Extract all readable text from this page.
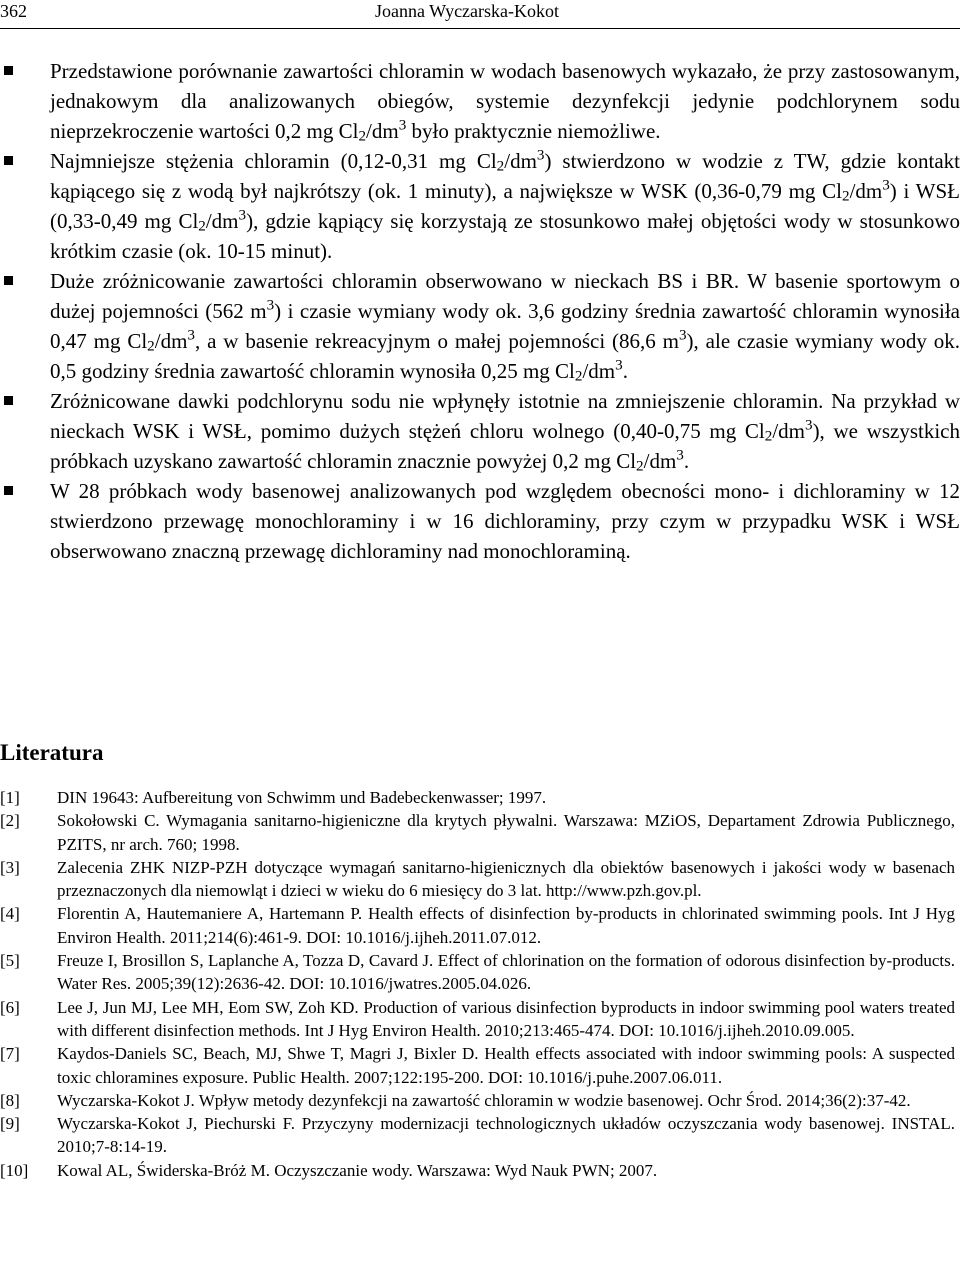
362	Joanna Wyczarska-Kokot
Przedstawione porównanie zawartości chloramin w wodach basenowych wykazało, że przy zastosowanym, jednakowym dla analizowanych obiegów, systemie dezynfekcji jedynie podchlorynem sodu nieprzekroczenie wartości 0,2 mg $Cl_2/dm^3$ było praktycznie niemożliwe.
Najmniejsze stężenia chloramin (0,12-0,31 mg $Cl_2/dm^3$) stwierdzono w wodzie z TW, gdzie kontakt kąpiącego się z wodą był najkrótszy (ok. 1 minuty), a największe w WSK (0,36-0,79 mg $Cl_2/dm^3$) i WSŁ (0,33-0,49 mg $Cl_2/dm^3$), gdzie kąpiący się korzystają ze stosunkowo małej objętości wody w stosunkowo krótkim czasie (ok. 10-15 minut).
Duże zróżnicowanie zawartości chloramin obserwowano w nieckach BS i BR. W basenie sportowym o dużej pojemności (562 $m^3$) i czasie wymiany wody ok. 3,6 godziny średnia zawartość chloramin wynosiła 0,47 mg $Cl_2/dm^3$, a w basenie rekreacyjnym o małej pojemności (86,6 $m^3$), ale czasie wymiany wody ok. 0,5 godziny średnia zawartość chloramin wynosiła 0,25 mg $Cl_2/dm^3$.
Zróżnicowane dawki podchlorynu sodu nie wpłynęły istotnie na zmniejszenie chloramin. Na przykład w nieckach WSK i WSŁ, pomimo dużych stężeń chloru wolnego (0,40-0,75 mg $Cl_2/dm^3$), we wszystkich próbkach uzyskano zawartość chloramin znacznie powyżej 0,2 mg $Cl_2/dm^3$.
W 28 próbkach wody basenowej analizowanych pod względem obecności mono- i dichloraminy w 12 stwierdzono przewagę monochloraminy i w 16 dichloraminy, przy czym w przypadku WSK i WSŁ obserwowano znaczną przewagę dichloraminy nad monochloraminą.
Literatura
[1] DIN 19643: Aufbereitung von Schwimm und Badebeckenwasser; 1997.
[2] Sokołowski C. Wymagania sanitarno-higieniczne dla krytych pływalni. Warszawa: MZiOS, Departament Zdrowia Publicznego, PZITS, nr arch. 760; 1998.
[3] Zalecenia ZHK NIZP-PZH dotyczące wymagań sanitarno-higienicznych dla obiektów basenowych i jakości wody w basenach przeznaczonych dla niemowląt i dzieci w wieku do 6 miesięcy do 3 lat. http://www.pzh.gov.pl.
[4] Florentin A, Hautemaniere A, Hartemann P. Health effects of disinfection by-products in chlorinated swimming pools. Int J Hyg Environ Health. 2011;214(6):461-9. DOI: 10.1016/j.ijheh.2011.07.012.
[5] Freuze I, Brosillon S, Laplanche A, Tozza D, Cavard J. Effect of chlorination on the formation of odorous disinfection by-products. Water Res. 2005;39(12):2636-42. DOI: 10.1016/jwatres.2005.04.026.
[6] Lee J, Jun MJ, Lee MH, Eom SW, Zoh KD. Production of various disinfection byproducts in indoor swimming pool waters treated with different disinfection methods. Int J Hyg Environ Health. 2010;213:465-474. DOI: 10.1016/j.ijheh.2010.09.005.
[7] Kaydos-Daniels SC, Beach, MJ, Shwe T, Magri J, Bixler D. Health effects associated with indoor swimming pools: A suspected toxic chloramines exposure. Public Health. 2007;122:195-200. DOI: 10.1016/j.puhe.2007.06.011.
[8] Wyczarska-Kokot J. Wpływ metody dezynfekcji na zawartość chloramin w wodzie basenowej. Ochr Środ. 2014;36(2):37-42.
[9] Wyczarska-Kokot J, Piechurski F. Przyczyny modernizacji technologicznych układów oczyszczania wody basenowej. INSTAL. 2010;7-8:14-19.
[10] Kowal AL, Świderska-Bróż M. Oczyszczanie wody. Warszawa: Wyd Nauk PWN; 2007.
